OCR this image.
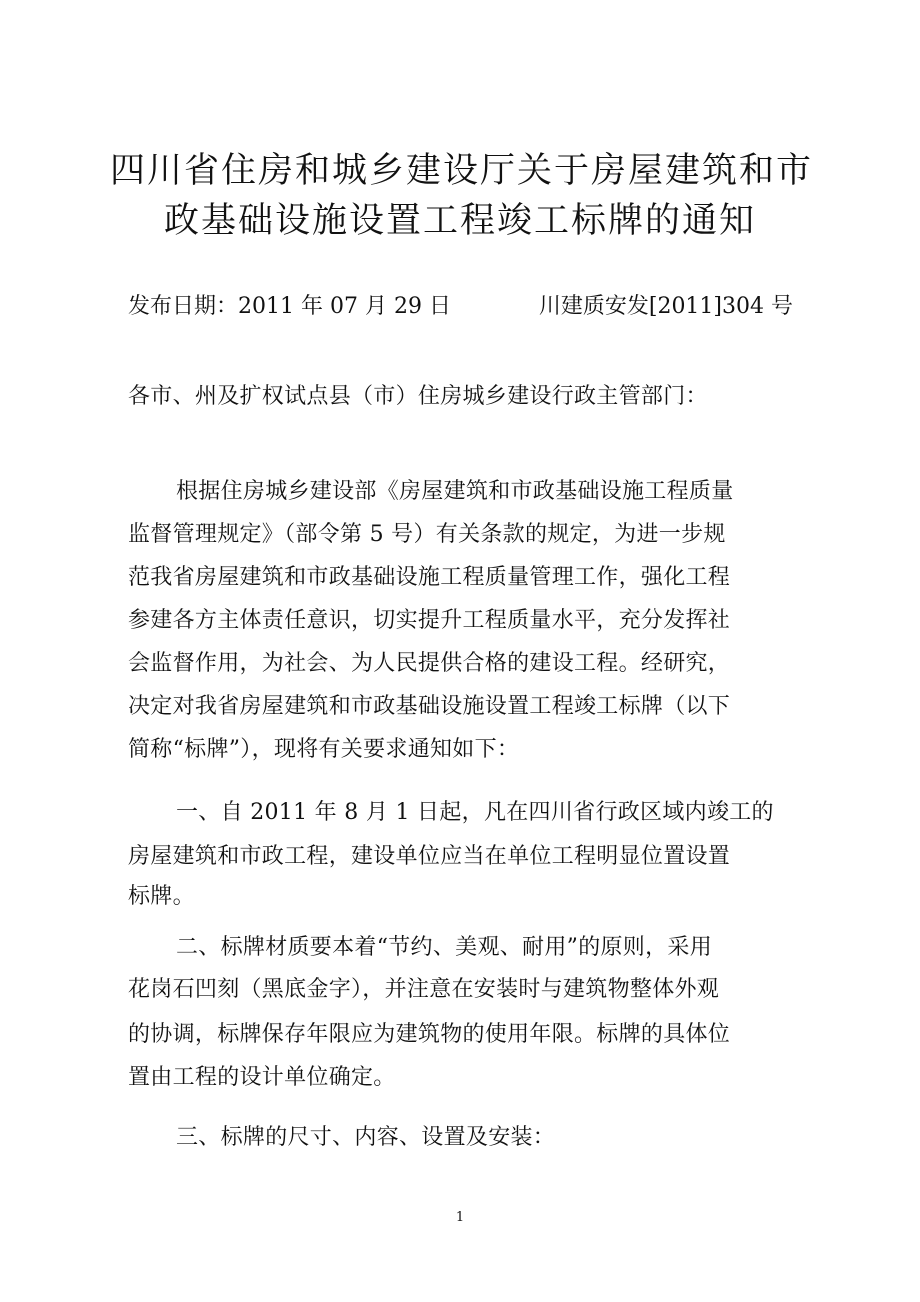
四川省住房和城乡建设厅关于房屋建筑和市
政基础设施设置工程竣工标牌的通知
发布日期：2011 年 07 月 29 日	川建质安发[2011]304 号
各市、州及扩权试点县（市）住房城乡建设行政主管部门：
根据住房城乡建设部《房屋建筑和市政基础设施工程质量
监督管理规定》（部令第 5 号）有关条款的规定，为进一步规
范我省房屋建筑和市政基础设施工程质量管理工作，强化工程
参建各方主体责任意识，切实提升工程质量水平，充分发挥社
会监督作用，为社会、为人民提供合格的建设工程。经研究，
决定对我省房屋建筑和市政基础设施设置工程竣工标牌（以下
简称“标牌”），现将有关要求通知如下：
一、自 2011 年 8 月 1 日起，凡在四川省行政区域内竣工的
房屋建筑和市政工程，建设单位应当在单位工程明显位置设置
标牌。
二、标牌材质要本着“节约、美观、耐用”的原则，采用
花岗石凹刻（黑底金字），并注意在安装时与建筑物整体外观
的协调，标牌保存年限应为建筑物的使用年限。标牌的具体位
置由工程的设计单位确定。
三、标牌的尺寸、内容、设置及安装：
1
